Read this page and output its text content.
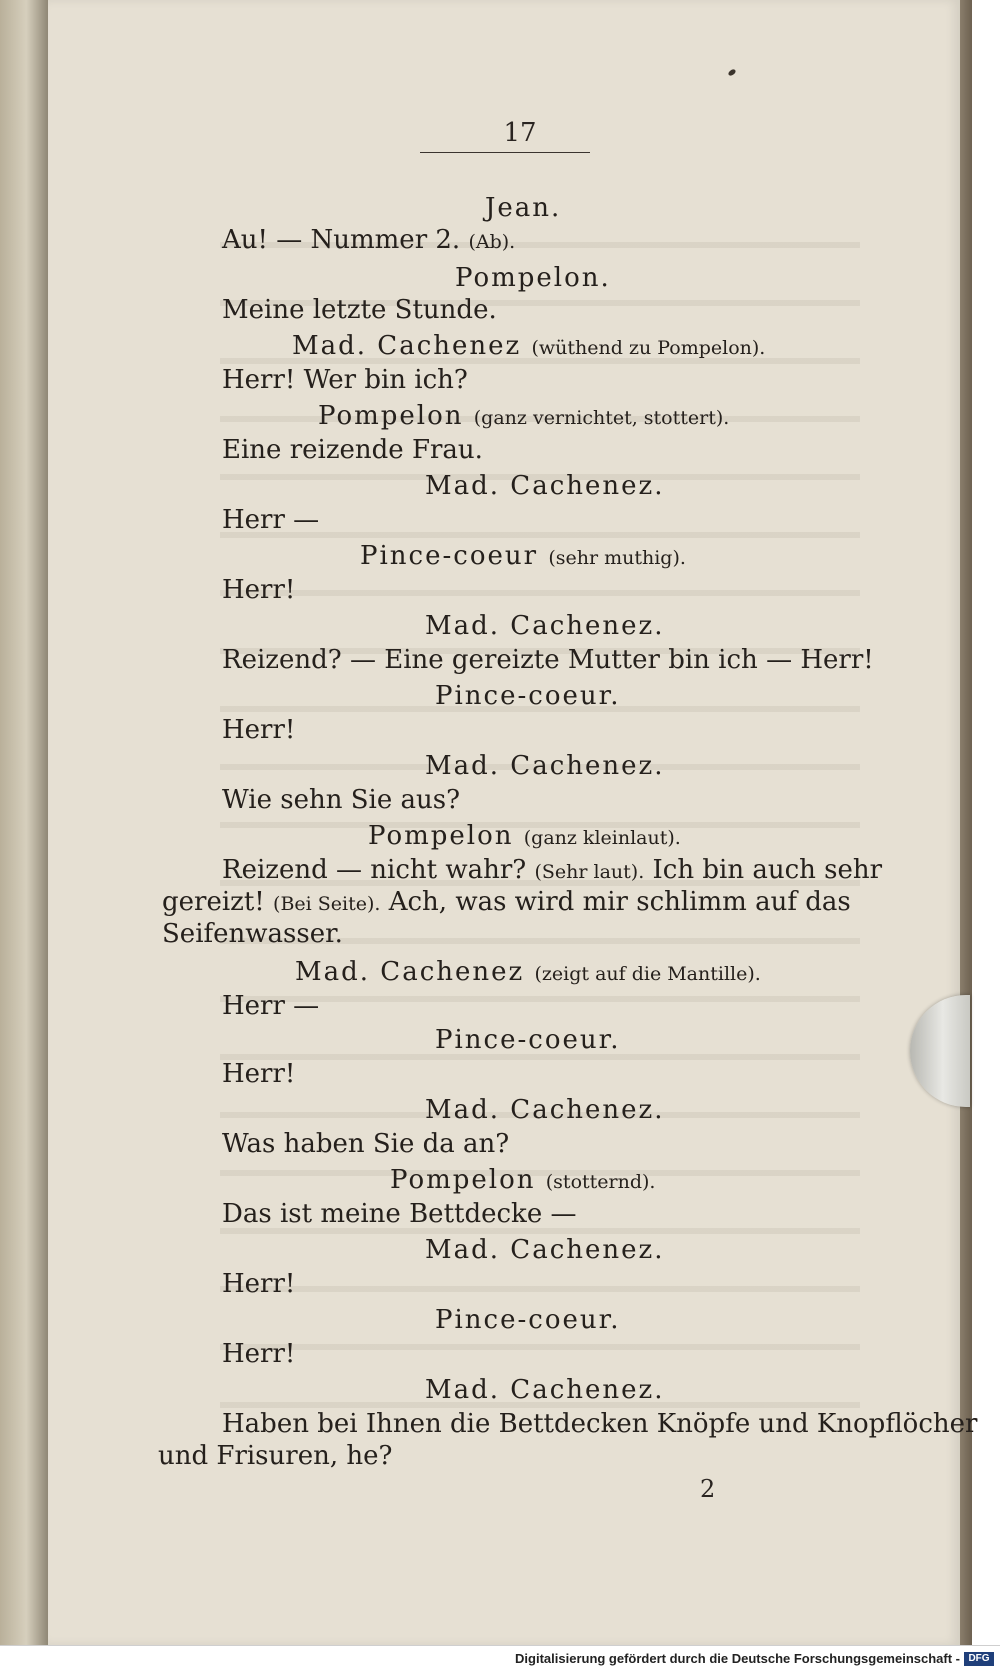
17
Jean.
Au! — Nummer 2. (Ab).
Pompelon.
Meine letzte Stunde.
Mad. Cachenez (wüthend zu Pompelon).
Herr! Wer bin ich?
Pompelon (ganz vernichtet, stottert).
Eine reizende Frau.
Mad. Cachenez.
Herr —
Pince-coeur (sehr muthig).
Herr!
Mad. Cachenez.
Reizend? — Eine gereizte Mutter bin ich — Herr!
Pince-coeur.
Herr!
Mad. Cachenez.
Wie sehn Sie aus?
Pompelon (ganz kleinlaut).
Reizend — nicht wahr? (Sehr laut). Ich bin auch sehr
gereizt! (Bei Seite). Ach, was wird mir schlimm auf das
Seifenwasser.
Mad. Cachenez (zeigt auf die Mantille).
Herr —
Pince-coeur.
Herr!
Mad. Cachenez.
Was haben Sie da an?
Pompelon (stotternd).
Das ist meine Bettdecke —
Mad. Cachenez.
Herr!
Pince-coeur.
Herr!
Mad. Cachenez.
Haben bei Ihnen die Bettdecken Knöpfe und Knopflöcher
und Frisuren, he?
2
Digitalisierung gefördert durch die Deutsche Forschungsgemeinschaft - DFG
